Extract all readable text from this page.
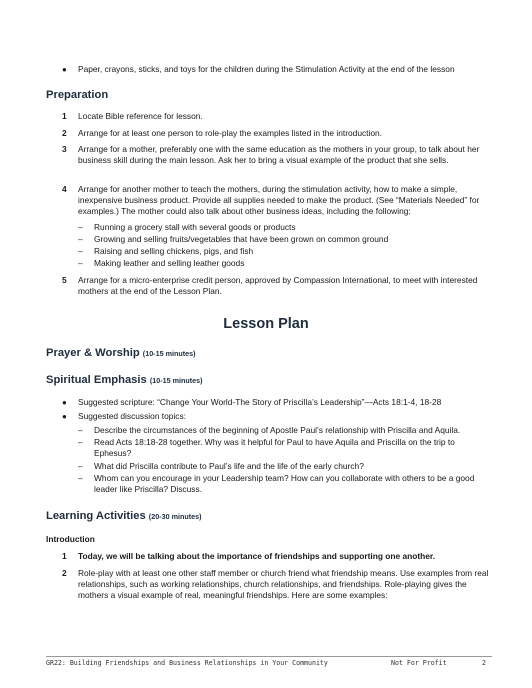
● Paper, crayons, sticks, and toys for the children during the Stimulation Activity at the end of the lesson
Preparation
1 Locate Bible reference for lesson.
2 Arrange for at least one person to role-play the examples listed in the introduction.
3 Arrange for a mother, preferably one with the same education as the mothers in your group, to talk about her business skill during the main lesson. Ask her to bring a visual example of the product that she sells.
4 Arrange for another mother to teach the mothers, during the stimulation activity, how to make a simple, inexpensive business product. Provide all supplies needed to make the product. (See “Materials Needed” for examples.) The mother could also talk about other business ideas, including the following:
– Running a grocery stall with several goods or products
– Growing and selling fruits/vegetables that have been grown on common ground
– Raising and selling chickens, pigs, and fish
– Making leather and selling leather goods
5 Arrange for a micro-enterprise credit person, approved by Compassion International, to meet with interested mothers at the end of the Lesson Plan.
Lesson Plan
Prayer & Worship (10-15 minutes)
Spiritual Emphasis (10-15 minutes)
● Suggested scripture: “Change Your World-The Story of Priscilla’s Leadership”—Acts 18:1-4, 18-28
● Suggested discussion topics:
– Describe the circumstances of the beginning of Apostle Paul’s relationship with Priscilla and Aquila.
– Read Acts 18:18-28 together. Why was it helpful for Paul to have Aquila and Priscilla on the trip to Ephesus?
– What did Priscilla contribute to Paul’s life and the life of the early church?
– Whom can you encourage in your Leadership team? How can you collaborate with others to be a good leader like Priscilla? Discuss.
Learning Activities (20-30 minutes)
Introduction
1 Today, we will be talking about the importance of friendships and supporting one another.
2 Role-play with at least one other staff member or church friend what friendship means. Use examples from real relationships, such as working relationships, church relationships, and friendships. Role-playing gives the mothers a visual example of real, meaningful friendships. Here are some examples:
GR22: Building Friendships and Business Relationships in Your Community	Not For Profit	2
